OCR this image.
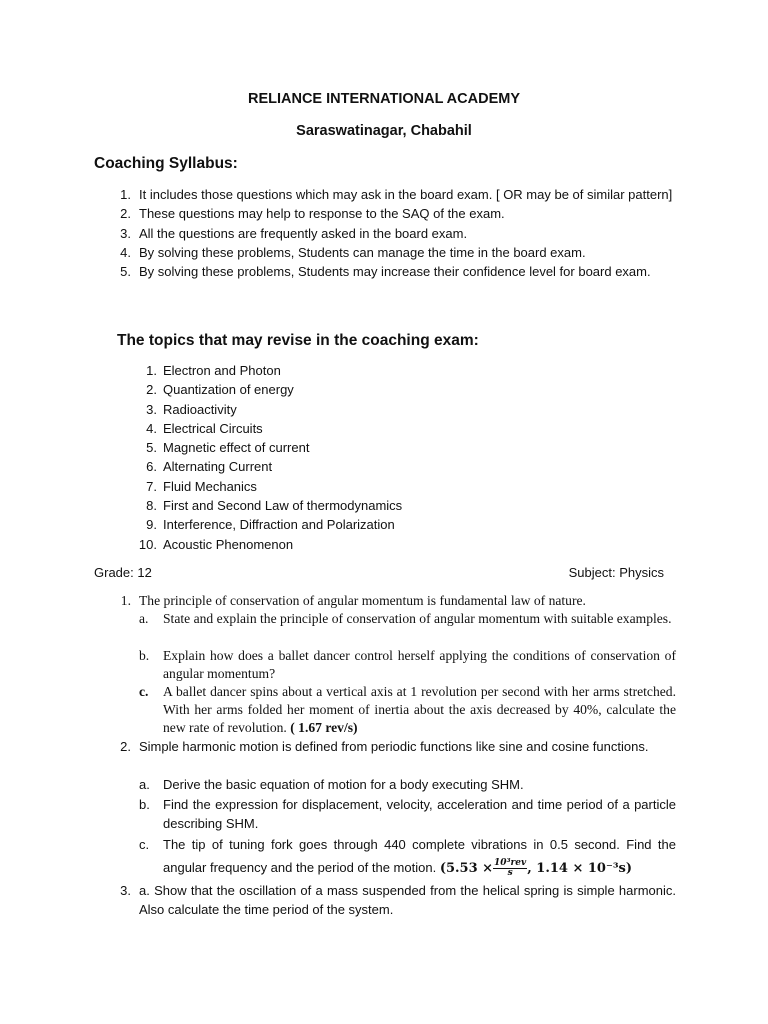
RELIANCE INTERNATIONAL ACADEMY
Saraswatinagar, Chabahil
Coaching Syllabus:
1. It includes those questions which may ask in the board exam. [ OR may be of similar pattern]
2. These questions may help to response to the SAQ of the exam.
3. All the questions are frequently asked in the board exam.
4. By solving these problems, Students can manage the time in the board exam.
5. By solving these problems, Students may increase their confidence level for board exam.
The topics that may revise in the coaching exam:
1. Electron and Photon
2. Quantization of energy
3. Radioactivity
4. Electrical Circuits
5. Magnetic effect of current
6. Alternating Current
7. Fluid Mechanics
8. First and Second Law of thermodynamics
9. Interference, Diffraction and Polarization
10. Acoustic Phenomenon
Grade: 12	Subject: Physics
1. The principle of conservation of angular momentum is fundamental law of nature.
a.	State and explain the principle of conservation of angular momentum with suitable examples.
b.	Explain how does a ballet dancer control herself applying the conditions of conservation of angular momentum?
c.	A ballet dancer spins about a vertical axis at 1 revolution per second with her arms stretched. With her arms folded her moment of inertia about the axis decreased by 40%, calculate the new rate of revolution. ( 1.67 rev/s)
2. Simple harmonic motion is defined from periodic functions like sine and cosine functions.
a.	Derive the basic equation of motion for a body executing SHM.
b.	Find the expression for displacement, velocity, acceleration and time period of a particle describing SHM.
c.	The tip of tuning fork goes through 440 complete vibrations in 0.5 second. Find the angular frequency and the period of the motion. ($5.53 \times \frac{\text{10³rev}}{s}$ , 1.14 × 10⁻³s)
3. a. Show that the oscillation of a mass suspended from the helical spring is simple harmonic. Also calculate the time period of the system.
